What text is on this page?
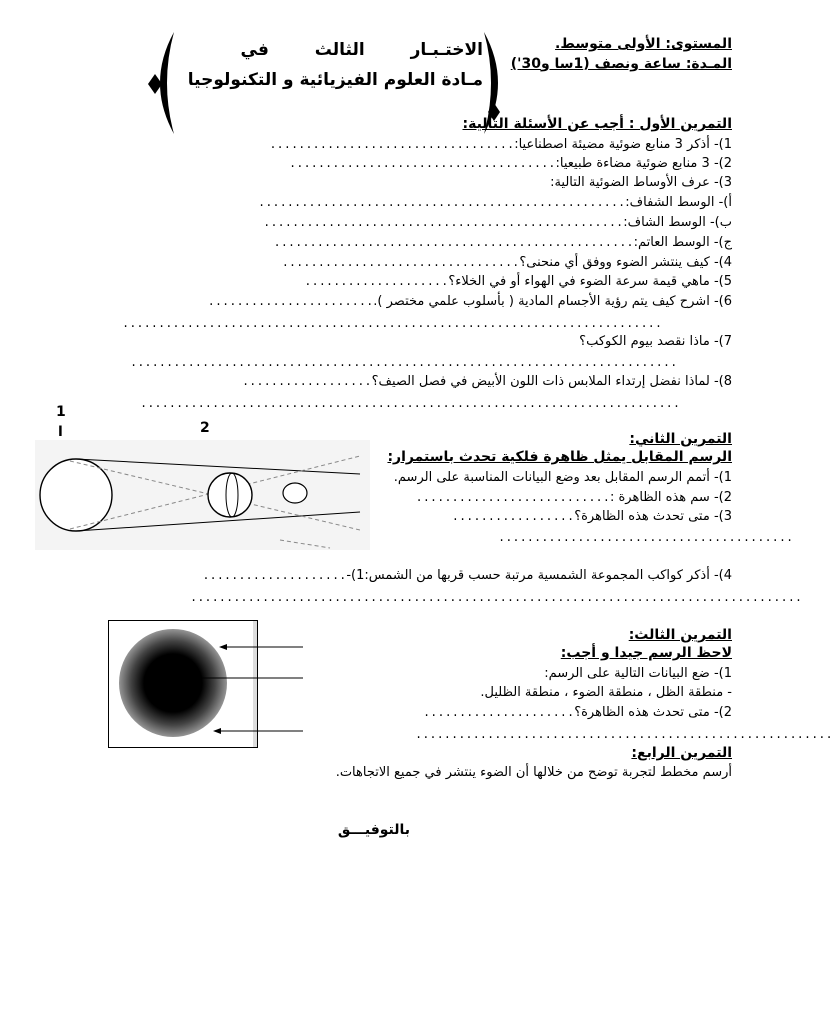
المستوى: الأولى متوسط.
المـدة: ساعة ونصف (1سا و30')
الاختـبـار الثالث في
مـادة العلوم الفيزيائية و التكنولوجيا
التمرين الأول : أجب عن الأسئلة التالية:
1)- أذكر 3 منابع ضوئية مضيئة اصطناعيا:..................................
2)- 3 منابع ضوئية مضاءة طبيعيا:.....................................
3)- عرف الأوساط الضوئية التالية:
أ)- الوسط الشفاف:...................................................
ب)- الوسط الشاف:..................................................
ج)- الوسط العاتم:..................................................
4)- كيف ينتشر الضوء ووفق أي منحنى؟.................................
5)- ماهي قيمة سرعة الضوء في الهواء أو في الخلاء؟....................
6)- اشرح كيف يتم رؤية الأجسام المادية ( بأسلوب علمي مختصر )........................
...........................................................................
7)- ماذا نقصد بيوم الكوكب؟
............................................................................
8)- لماذا نفضل إرتداء الملابس ذات اللون الأبيض في فصل الصيف؟..................
...........................................................................
1
ا	2
التمرين الثاني:
الرسم المقابل يمثل ظاهرة فلكية تحدث باستمرار:
1)- أتمم الرسم المقابل بعد وضع البيانات المناسبة على الرسم.
2)- سم هذه الظاهرة :...........................
3)- متى تحدث هذه الظاهرة؟.................
.........................................
4)- أذكر كواكب المجموعة الشمسية مرتبة حسب قربها من الشمس:1)-....................
.....................................................................................
التمرين الثالث:
لاحظ الرسم جيدا و أجب:
1)- ضع البيانات التالية على الرسم:
- منطقة الظل ، منطقة الضوء ، منطقة الظليل.
2)- متى تحدث هذه الظاهرة؟.....................
..........................................................
التمرين الرابع:
أرسم مخطط لتجربة توضح من خلالها أن الضوء ينتشر في جميع الاتجاهات.
بالتوفيـــق
